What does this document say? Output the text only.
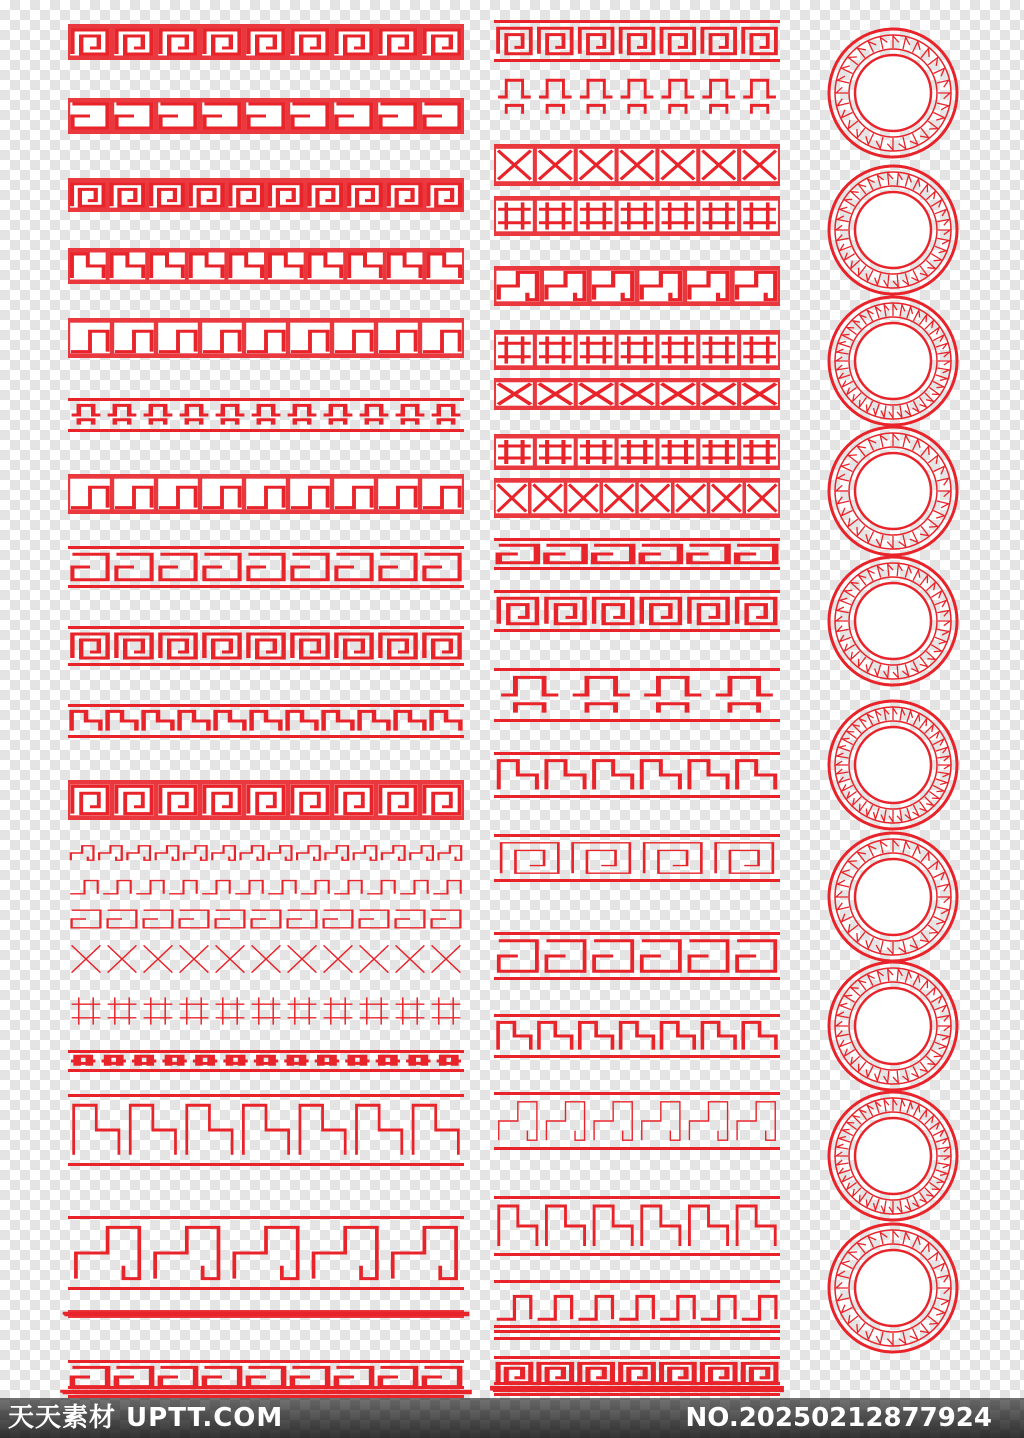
天天素材 UPTT.COM	NO.20250212877924
